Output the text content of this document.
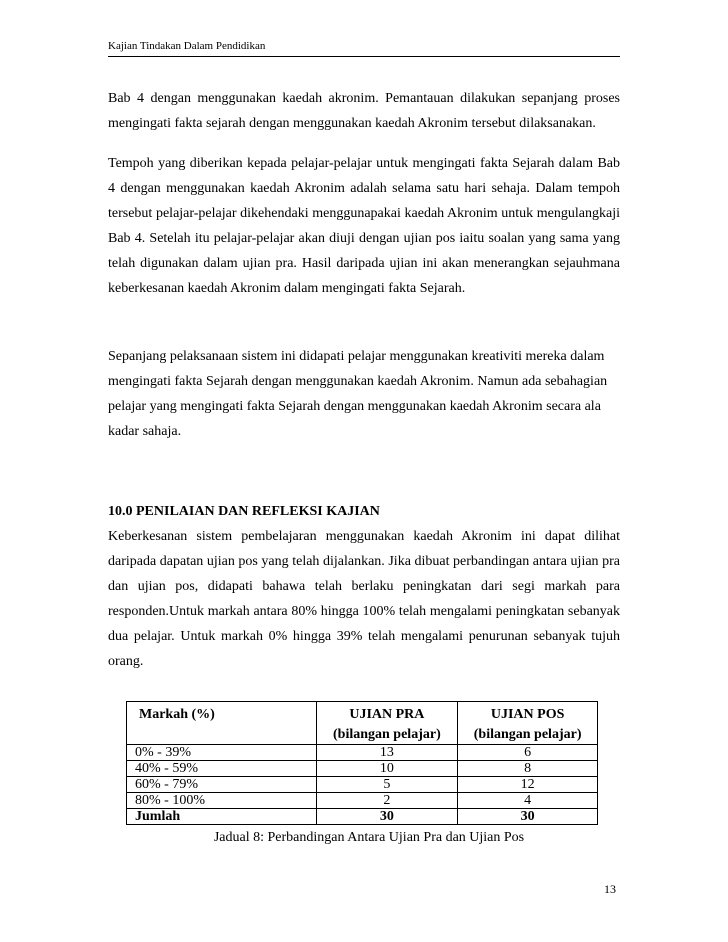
Kajian Tindakan Dalam Pendidikan

Bab 4 dengan menggunakan kaedah akronim. Pemantauan dilakukan sepanjang proses mengingati fakta sejarah dengan menggunakan kaedah Akronim tersebut dilaksanakan.

Tempoh yang diberikan kepada pelajar-pelajar untuk mengingati fakta Sejarah dalam Bab 4 dengan menggunakan kaedah Akronim adalah selama satu hari sehaja. Dalam tempoh tersebut pelajar-pelajar dikehendaki menggunapakai kaedah Akronim untuk mengulangkaji Bab 4. Setelah itu pelajar-pelajar akan diuji dengan ujian pos iaitu soalan yang sama yang telah digunakan dalam ujian pra. Hasil daripada ujian ini akan menerangkan sejauhmana keberkesanan kaedah Akronim dalam mengingati fakta Sejarah.

Sepanjang pelaksanaan sistem ini didapati pelajar menggunakan kreativiti mereka dalam mengingati fakta Sejarah dengan menggunakan kaedah Akronim. Namun ada sebahagian pelajar yang mengingati fakta Sejarah dengan menggunakan kaedah Akronim secara ala kadar sahaja.

10.0 PENILAIAN DAN REFLEKSI KAJIAN

Keberkesanan sistem pembelajaran menggunakan kaedah Akronim ini dapat dilihat daripada dapatan ujian pos yang telah dijalankan. Jika dibuat perbandingan antara ujian pra dan ujian pos, didapati bahawa telah berlaku peningkatan dari segi markah para responden.Untuk markah antara 80% hingga 100% telah mengalami peningkatan sebanyak dua pelajar. Untuk markah 0% hingga 39% telah mengalami penurunan sebanyak tujuh orang.

Markah (%)	UJIAN PRA	UJIAN POS
	(bilangan pelajar)	(bilangan pelajar)
0% - 39%	13	6
40% - 59%	10	8
60% - 79%	5	12
80% - 100%	2	4
Jumlah	30	30
Jadual 8: Perbandingan Antara Ujian Pra dan Ujian Pos
13
